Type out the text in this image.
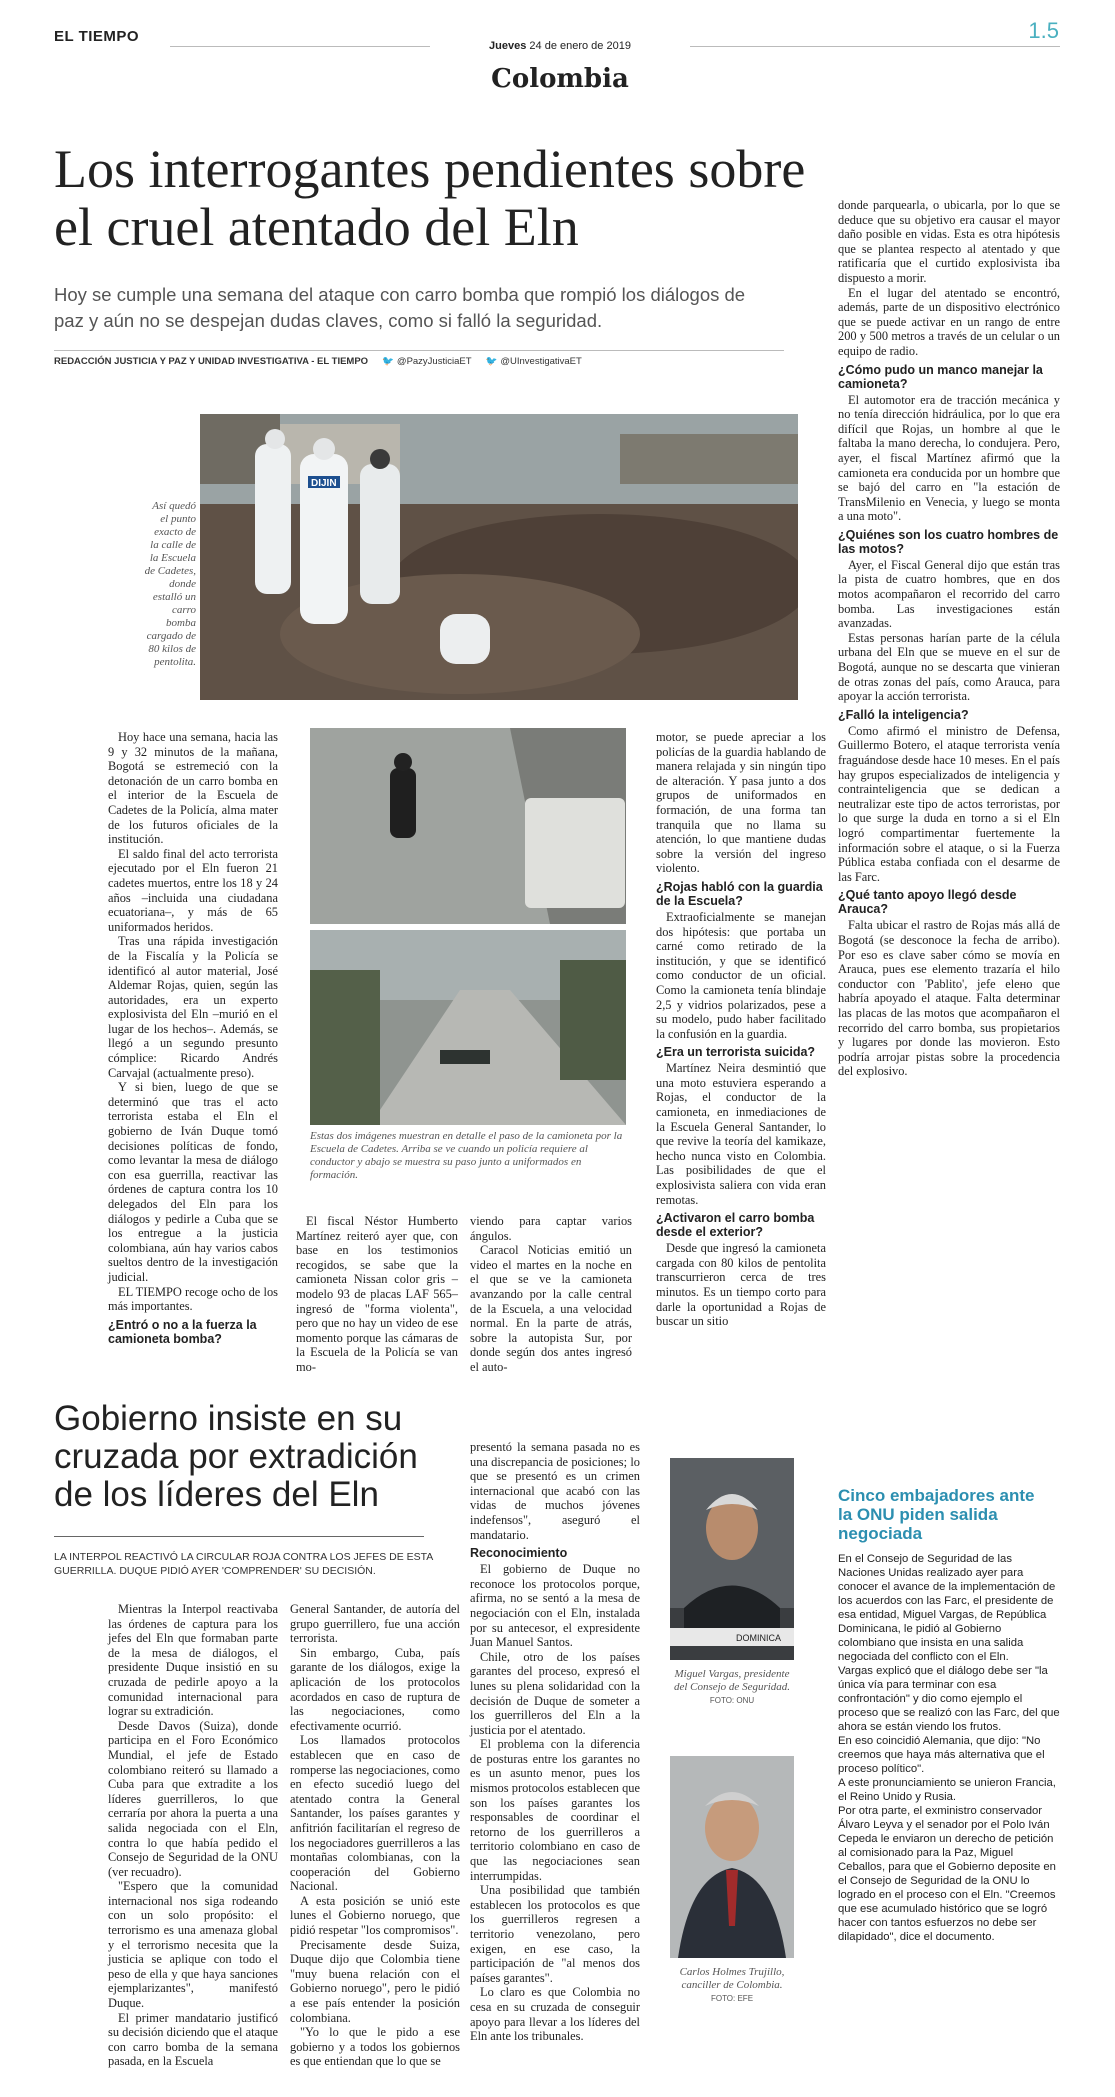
EL TIEMPO
Jueves 24 de enero de 2019
1.5
Colombia
Los interrogantes pendientes sobre el cruel atentado del Eln
Hoy se cumple una semana del ataque con carro bomba que rompió los diálogos de paz y aún no se despejan dudas claves, como si falló la seguridad.
REDACCIÓN JUSTICIA Y PAZ Y UNIDAD INVESTIGATIVA - EL TIEMPO 🐦 @PazyJusticiaET 🐦 @UInvestigativaET
DIJIN
Así quedó el punto exacto de la calle de la Escuela de Cadetes, donde estalló un carro bomba cargado de 80 kilos de pentolita.

Hoy hace una semana, hacia las 9 y 32 minutos de la mañana, Bogotá se estremeció con la detonación de un carro bomba en el interior de la Escuela de Cadetes de la Policía, alma mater de los futuros oficiales de la institución.

El saldo final del acto terrorista ejecutado por el Eln fueron 21 cadetes muertos, entre los 18 y 24 años –incluida una ciudadana ecuatoriana–, y más de 65 uniformados heridos.

Tras una rápida investigación de la Fiscalía y la Policía se identificó al autor material, José Aldemar Rojas, quien, según las autoridades, era un experto explosivista del Eln –murió en el lugar de los hechos–. Además, se llegó a un segundo presunto cómplice: Ricardo Andrés Carvajal (actualmente preso).

Y si bien, luego de que se determinó que tras el acto terrorista estaba el Eln el gobierno de Iván Duque tomó decisiones políticas de fondo, como levantar la mesa de diálogo con esa guerrilla, reactivar las órdenes de captura contra los 10 delegados del Eln para los diálogos y pedirle a Cuba que se los entregue a la justicia colombiana, aún hay varios cabos sueltos dentro de la investigación judicial.

EL TIEMPO recoge ocho de los más importantes.

¿Entró o no a la fuerza la camioneta bomba?
Estas dos imágenes muestran en detalle el paso de la camioneta por la Escuela de Cadetes. Arriba se ve cuando un policía requiere al conductor y abajo se muestra su paso junto a uniformados en formación.

El fiscal Néstor Humberto Martínez reiteró ayer que, con base en los testimonios recogidos, se sabe que la camioneta Nissan color gris –modelo 93 de placas LAF 565– ingresó de "forma violenta", pero que no hay un video de ese momento porque las cámaras de la Escuela de la Policía se van mo-

viendo para captar varios ángulos.

Caracol Noticias emitió un video el martes en la noche en el que se ve la camioneta avanzando por la calle central de la Escuela, a una velocidad normal. En la parte de atrás, sobre la autopista Sur, por donde según dos antes ingresó el auto-

motor, se puede apreciar a los policías de la guardia hablando de manera relajada y sin ningún tipo de alteración. Y pasa junto a dos grupos de uniformados en formación, de una forma tan tranquila que no llama su atención, lo que mantiene dudas sobre la versión del ingreso violento.

¿Rojas habló con la guardia de la Escuela?

Extraoficialmente se manejan dos hipótesis: que portaba un carné como retirado de la institución, y que se identificó como conductor de un oficial. Como la camioneta tenía blindaje 2,5 y vidrios polarizados, pese a su modelo, pudo haber facilitado la confusión en la guardia.

¿Era un terrorista suicida?

Martínez Neira desmintió que una moto estuviera esperando a Rojas, el conductor de la camioneta, en inmediaciones de la Escuela General Santander, lo que revive la teoría del kamikaze, hecho nunca visto en Colombia. Las posibilidades de que el explosivista saliera con vida eran remotas.

¿Activaron el carro bomba desde el exterior?

Desde que ingresó la camioneta cargada con 80 kilos de pentolita transcurrieron cerca de tres minutos. Es un tiempo corto para darle la oportunidad a Rojas de buscar un sitio

donde parquearla, o ubicarla, por lo que se deduce que su objetivo era causar el mayor daño posible en vidas. Esta es otra hipótesis que se plantea respecto al atentado y que ratificaría que el curtido explosivista iba dispuesto a morir.

En el lugar del atentado se encontró, además, parte de un dispositivo electrónico que se puede activar en un rango de entre 200 y 500 metros a través de un celular o un equipo de radio.

¿Cómo pudo un manco manejar la camioneta?

El automotor era de tracción mecánica y no tenía dirección hidráulica, por lo que era difícil que Rojas, un hombre al que le faltaba la mano derecha, lo condujera. Pero, ayer, el fiscal Martínez afirmó que la camioneta era conducida por un hombre que se bajó del carro en "la estación de TransMilenio en Venecia, y luego se monta a una moto".

¿Quiénes son los cuatro hombres de las motos?

Ayer, el Fiscal General dijo que están tras la pista de cuatro hombres, que en dos motos acompañaron el recorrido del carro bomba. Las investigaciones están avanzadas.

Estas personas harían parte de la célula urbana del Eln que se mueve en el sur de Bogotá, aunque no se descarta que vinieran de otras zonas del país, como Arauca, para apoyar la acción terrorista.

¿Falló la inteligencia?

Como afirmó el ministro de Defensa, Guillermo Botero, el ataque terrorista venía fraguándose desde hace 10 meses. En el país hay grupos especializados de inteligencia y contrainteligencia que se dedican a neutralizar este tipo de actos terroristas, por lo que surge la duda en torno a si el Eln logró compartimentar fuertemente la información sobre el ataque, o si la Fuerza Pública estaba confiada con el desarme de las Farc.

¿Qué tanto apoyo llegó desde Arauca?

Falta ubicar el rastro de Rojas más allá de Bogotá (se desconoce la fecha de arribo). Por eso es clave saber cómo se movía en Arauca, pues ese elemento trazaría el hilo conductor con 'Pablito', jefe elено que habría apoyado el ataque. Falta determinar las placas de las motos que acompañaron el recorrido del carro bomba, sus propietarios y lugares por donde las movieron. Esto podría arrojar pistas sobre la procedencia del explosivo.

Gobierno insiste en su cruzada por extradición de los líderes del Eln
LA INTERPOL REACTIVÓ LA CIRCULAR ROJA CONTRA LOS JEFES DE ESTA GUERRILLA. DUQUE PIDIÓ AYER 'COMPRENDER' SU DECISIÓN.

Mientras la Interpol reactivaba las órdenes de captura para los jefes del Eln que formaban parte de la mesa de diálogos, el presidente Duque insistió en su cruzada de pedirle apoyo a la comunidad internacional para lograr su extradición.

Desde Davos (Suiza), donde participa en el Foro Económico Mundial, el jefe de Estado colombiano reiteró su llamado a Cuba para que extradite a los líderes guerrilleros, lo que cerraría por ahora la puerta a una salida negociada con el Eln, contra lo que había pedido el Consejo de Seguridad de la ONU (ver recuadro).

"Espero que la comunidad internacional nos siga rodeando con un solo propósito: el terrorismo es una amenaza global y el terrorismo necesita que la justicia se aplique con todo el peso de ella y que haya sanciones ejemplarizantes", manifestó Duque.

El primer mandatario justificó su decisión diciendo que el ataque con carro bomba de la semana pasada, en la Escuela

General Santander, de autoría del grupo guerrillero, fue una acción terrorista.

Sin embargo, Cuba, país garante de los diálogos, exige la aplicación de los protocolos acordados en caso de ruptura de las negociaciones, como efectivamente ocurrió.

Los llamados protocolos establecen que en caso de romperse las negociaciones, como en efecto sucedió luego del atentado contra la General Santander, los países garantes y anfitrión facilitarían el regreso de los negociadores guerrilleros a las montañas colombianas, con la cooperación del Gobierno Nacional.

A esta posición se unió este lunes el Gobierno noruego, que pidió respetar "los compromisos".

Precisamente desde Suiza, Duque dijo que Colombia tiene "muy buena relación con el Gobierno noruego", pero le pidió a ese país entender la posición colombiana.

"Yo lo que le pido a ese gobierno y a todos los gobiernos es que entiendan que lo que se

presentó la semana pasada no es una discrepancia de posiciones; lo que se presentó es un crimen internacional que acabó con las vidas de muchos jóvenes indefensos", aseguró el mandatario.

Reconocimiento

El gobierno de Duque no reconoce los protocolos porque, afirma, no se sentó a la mesa de negociación con el Eln, instalada por su antecesor, el expresidente Juan Manuel Santos.

Chile, otro de los países garantes del proceso, expresó el lunes su plena solidaridad con la decisión de Duque de someter a los guerrilleros del Eln a la justicia por el atentado.

El problema con la diferencia de posturas entre los garantes no es un asunto menor, pues los mismos protocolos establecen que son los países garantes los responsables de coordinar el retorno de los guerrilleros a territorio colombiano en caso de que las negociaciones sean interrumpidas.

Una posibilidad que también establecen los protocolos es que los guerrilleros regresen a territorio venezolano, pero exigen, en ese caso, la participación de "al menos dos países garantes".

Lo claro es que Colombia no cesa en su cruzada de conseguir apoyo para llevar a los líderes del Eln ante los tribunales.

DOMINICA
Miguel Vargas, presidente del Consejo de Seguridad. FOTO: ONU
Carlos Holmes Trujillo, canciller de Colombia.
FOTO: EFE
Cinco embajadores ante la ONU piden salida negociada

En el Consejo de Seguridad de las Naciones Unidas realizado ayer para conocer el avance de la implementación de los acuerdos con las Farc, el presidente de esa entidad, Miguel Vargas, de República Dominicana, le pidió al Gobierno colombiano que insista en una salida negociada del conflicto con el Eln.

Vargas explicó que el diálogo debe ser "la única vía para terminar con esa confrontación" y dio como ejemplo el proceso que se realizó con las Farc, del que ahora se están viendo los frutos.

En eso coincidió Alemania, que dijo: "No creemos que haya más alternativa que el proceso político".

A este pronunciamiento se unieron Francia, el Reino Unido y Rusia.

Por otra parte, el exministro conservador Álvaro Leyva y el senador por el Polo Iván Cepeda le enviaron un derecho de petición al comisionado para la Paz, Miguel Ceballos, para que el Gobierno deposite en el Consejo de Seguridad de la ONU lo logrado en el proceso con el Eln. "Creemos que ese acumulado histórico que se logró hacer con tantos esfuerzos no debe ser dilapidado", dice el documento.
